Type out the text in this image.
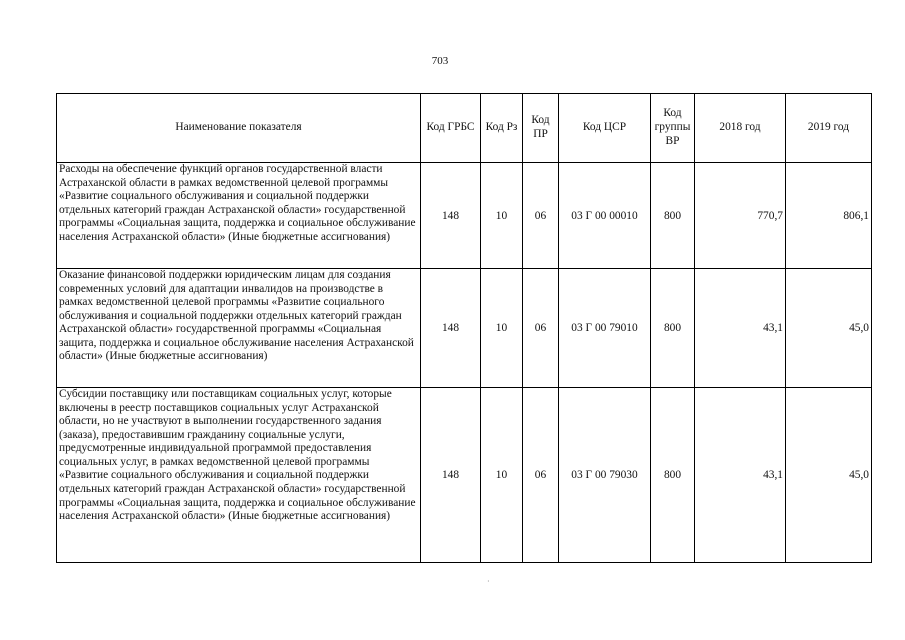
703
Наименование показателя	Код ГРБС	Код Рз	Код ПР	Код ЦСР	Код группы ВР	2018 год	2019 год
Расходы на обеспечение функций органов государственной власти Астраханской области в рамках ведомственной целевой программы «Развитие социального обслуживания и социальной поддержки отдельных категорий граждан Астраханской области» государственной программы «Социальная защита, поддержка и социальное обслуживание населения Астраханской области» (Иные бюджетные ассигнования)	148	10	06	03 Г 00 00010	800	770,7	806,1
Оказание финансовой поддержки юридическим лицам для создания современных условий для адаптации инвалидов на производстве в рамках ведомственной целевой программы «Развитие социального обслуживания и социальной поддержки отдельных категорий граждан Астраханской области» государственной программы «Социальная защита, поддержка и социальное обслуживание населения Астраханской области» (Иные бюджетные ассигнования)	148	10	06	03 Г 00 79010	800	43,1	45,0
Субсидии поставщику или поставщикам социальных услуг, которые включены в реестр поставщиков социальных услуг Астраханской области, но не участвуют в выполнении государственного задания (заказа), предоставившим гражданину социальные услуги, предусмотренные индивидуальной программой предоставления социальных услуг, в рамках ведомственной целевой программы «Развитие социального обслуживания и социальной поддержки отдельных категорий граждан Астраханской области» государственной программы «Социальная защита, поддержка и социальное обслуживание населения Астраханской области» (Иные бюджетные ассигнования)	148	10	06	03 Г 00 79030	800	43,1	45,0
·
